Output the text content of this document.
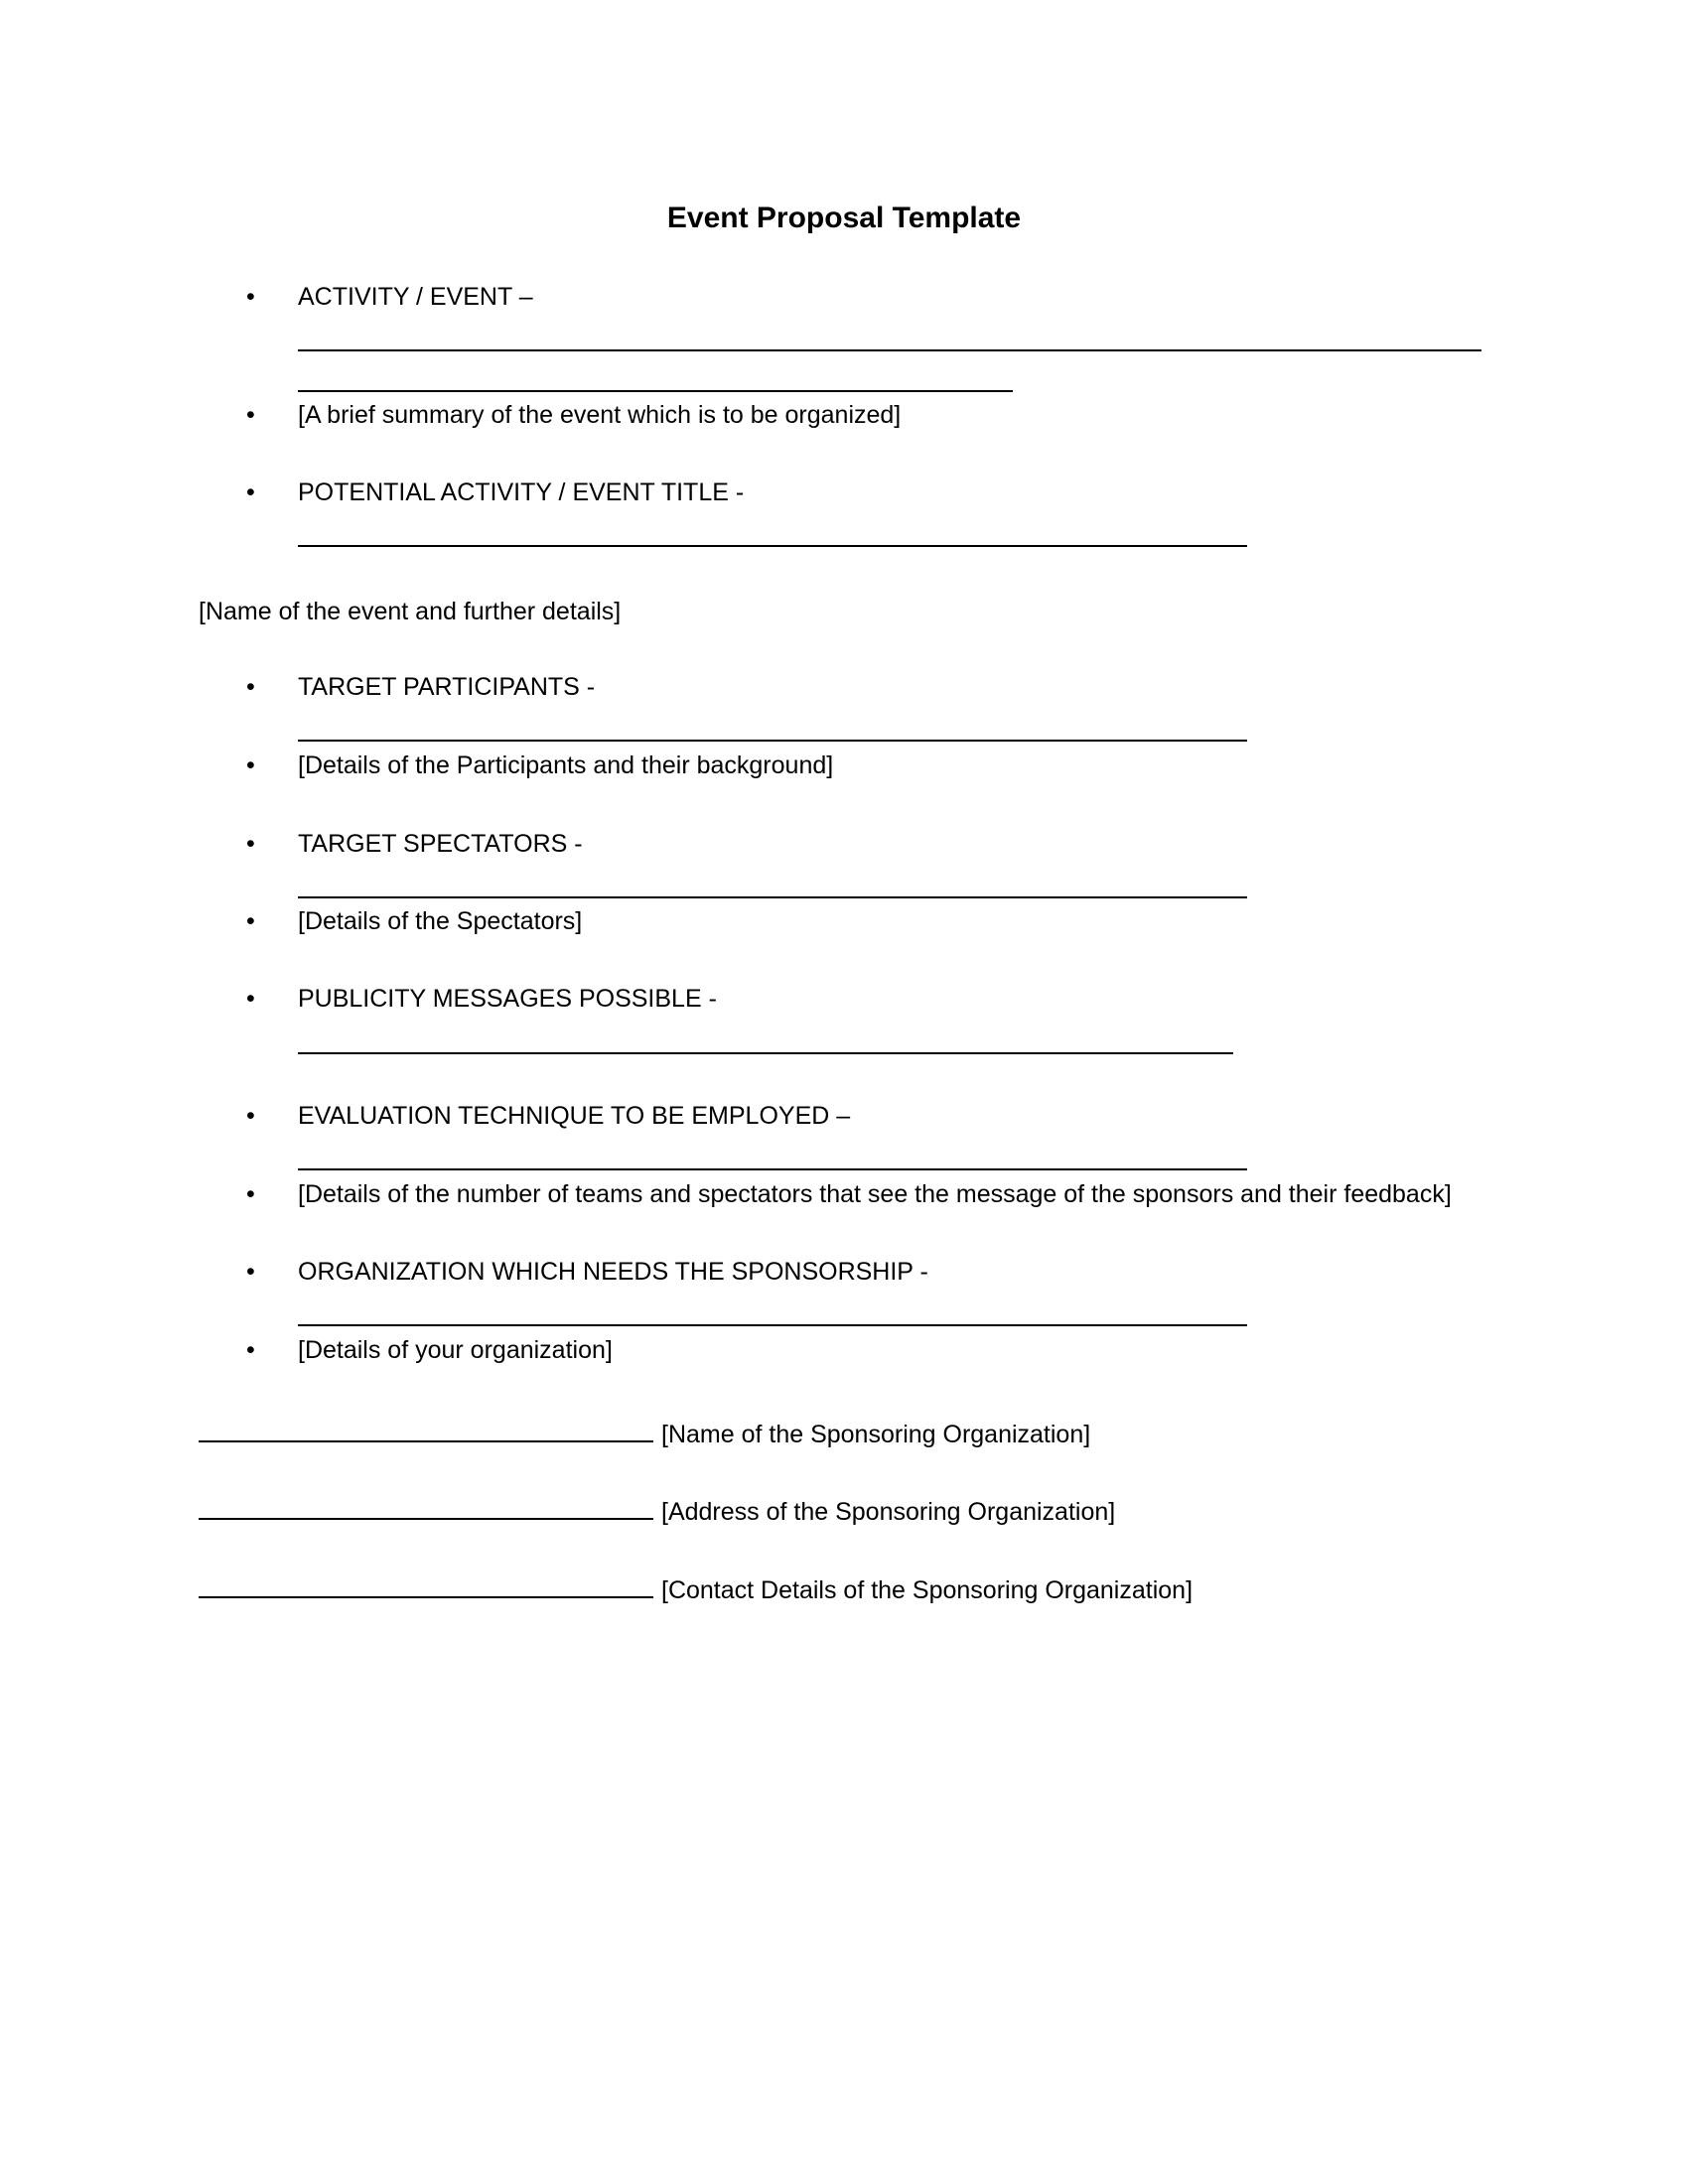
Event Proposal Template
• ACTIVITY / EVENT –
• [A brief summary of the event which is to be organized]
• POTENTIAL ACTIVITY / EVENT TITLE -
[Name of the event and further details]
• TARGET PARTICIPANTS -
• [Details of the Participants and their background]
• TARGET SPECTATORS -
• [Details of the Spectators]
• PUBLICITY MESSAGES POSSIBLE -
• EVALUATION TECHNIQUE TO BE EMPLOYED –
• [Details of the number of teams and spectators that see the message of the sponsors and their feedback]
• ORGANIZATION WHICH NEEDS THE SPONSORSHIP -
• [Details of your organization]
[Name of the Sponsoring Organization]
[Address of the Sponsoring Organization]
[Contact Details of the Sponsoring Organization]
